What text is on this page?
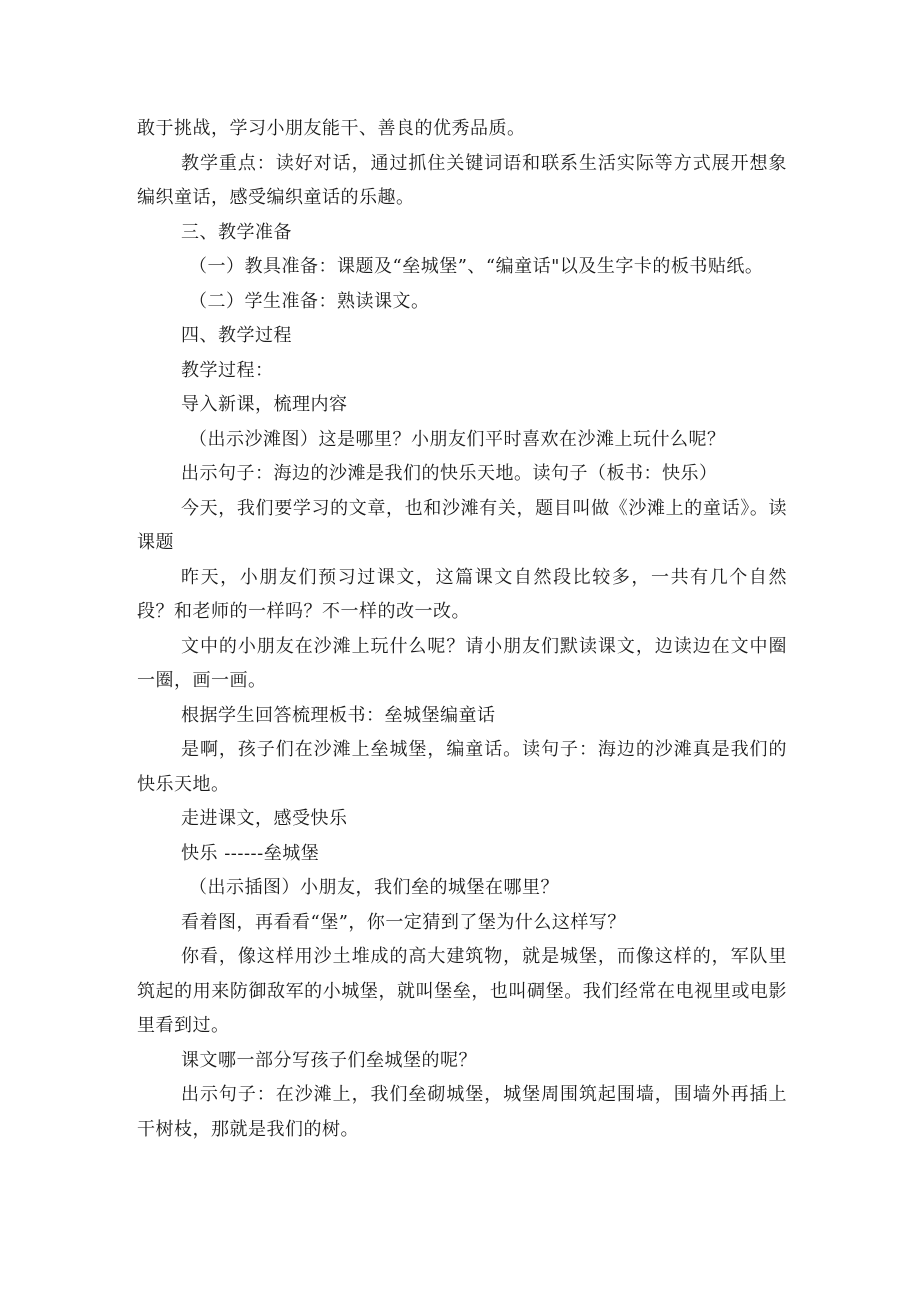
敢于挑战，学习小朋友能干、善良的优秀品质。

教学重点：读好对话，通过抓住关键词语和联系生活实际等方式展开想象编织童话，感受编织童话的乐趣。

三、教学准备

（一）教具准备：课题及“垒城堡”、“编童话"以及生字卡的板书贴纸。

（二）学生准备：熟读课文。

四、教学过程

教学过程：

导入新课，梳理内容

（出示沙滩图）这是哪里？小朋友们平时喜欢在沙滩上玩什么呢？

出示句子：海边的沙滩是我们的快乐天地。读句子（板书：快乐）

今天，我们要学习的文章，也和沙滩有关，题目叫做《沙滩上的童话》。读课题

昨天，小朋友们预习过课文，这篇课文自然段比较多，一共有几个自然段？和老师的一样吗？不一样的改一改。

文中的小朋友在沙滩上玩什么呢？请小朋友们默读课文，边读边在文中圈一圈，画一画。

根据学生回答梳理板书：垒城堡编童话

是啊，孩子们在沙滩上垒城堡，编童话。读句子：海边的沙滩真是我们的快乐天地。

走进课文，感受快乐

快乐 ------垒城堡

（出示插图）小朋友，我们垒的城堡在哪里？

看着图，再看看“堡”，你一定猜到了堡为什么这样写？

你看，像这样用沙土堆成的高大建筑物，就是城堡，而像这样的，军队里筑起的用来防御敌军的小城堡，就叫堡垒，也叫碉堡。我们经常在电视里或电影里看到过。

课文哪一部分写孩子们垒城堡的呢？

出示句子：在沙滩上，我们垒砌城堡，城堡周围筑起围墙，围墙外再插上干树枝，那就是我们的树。
